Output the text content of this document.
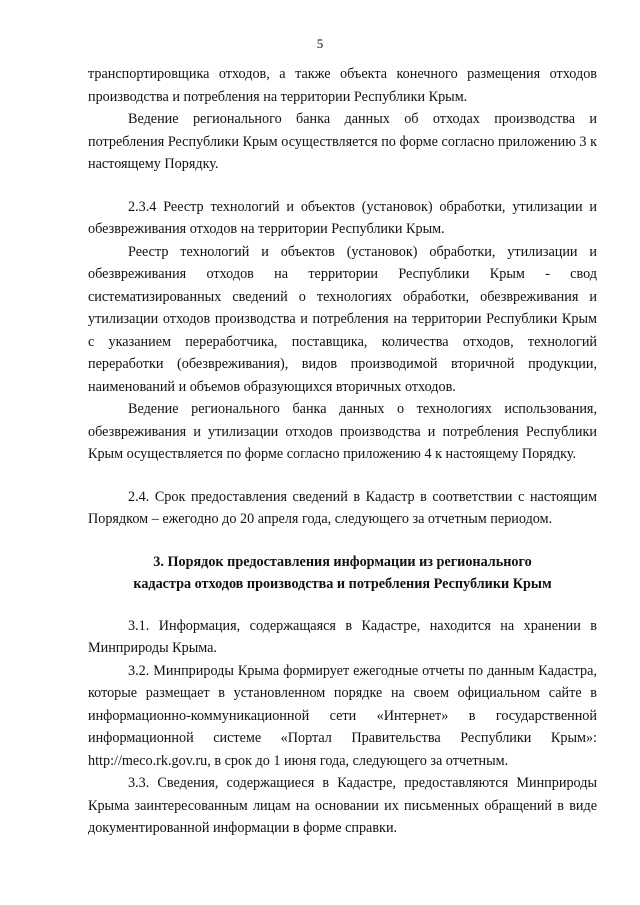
5

транспортировщика отходов, а также объекта конечного размещения отходов производства и потребления на территории Республики Крым.

Ведение регионального банка данных об отходах производства и потребления Республики Крым осуществляется по форме согласно приложению 3 к настоящему Порядку.

2.3.4 Реестр технологий и объектов (установок) обработки, утилизации и обезвреживания отходов на территории Республики Крым.

Реестр технологий и объектов (установок) обработки, утилизации и обезвреживания отходов на территории Республики Крым - свод систематизированных сведений о технологиях обработки, обезвреживания и утилизации отходов производства и потребления на территории Республики Крым с указанием переработчика, поставщика, количества отходов, технологий переработки (обезвреживания), видов производимой вторичной продукции, наименований и объемов образующихся вторичных отходов.

Ведение регионального банка данных о технологиях использования, обезвреживания и утилизации отходов производства и потребления Республики Крым осуществляется по форме согласно приложению 4 к настоящему Порядку.

2.4. Срок предоставления сведений в Кадастр в соответствии с настоящим Порядком – ежегодно до 20 апреля года, следующего за отчетным периодом.

3. Порядок предоставления информации из регионального
кадастра отходов производства и потребления Республики Крым

3.1. Информация, содержащаяся в Кадастре, находится на хранении в Минприроды Крыма.

3.2. Минприроды Крыма формирует ежегодные отчеты по данным Кадастра, которые размещает в установленном порядке на своем официальном сайте в информационно-коммуникационной сети «Интернет» в государственной информационной системе «Портал Правительства Республики Крым»: http://meco.rk.gov.ru, в срок до 1 июня года, следующего за отчетным.

3.3. Сведения, содержащиеся в Кадастре, предоставляются Минприроды Крыма заинтересованным лицам на основании их письменных обращений в виде документированной информации в форме справки.
